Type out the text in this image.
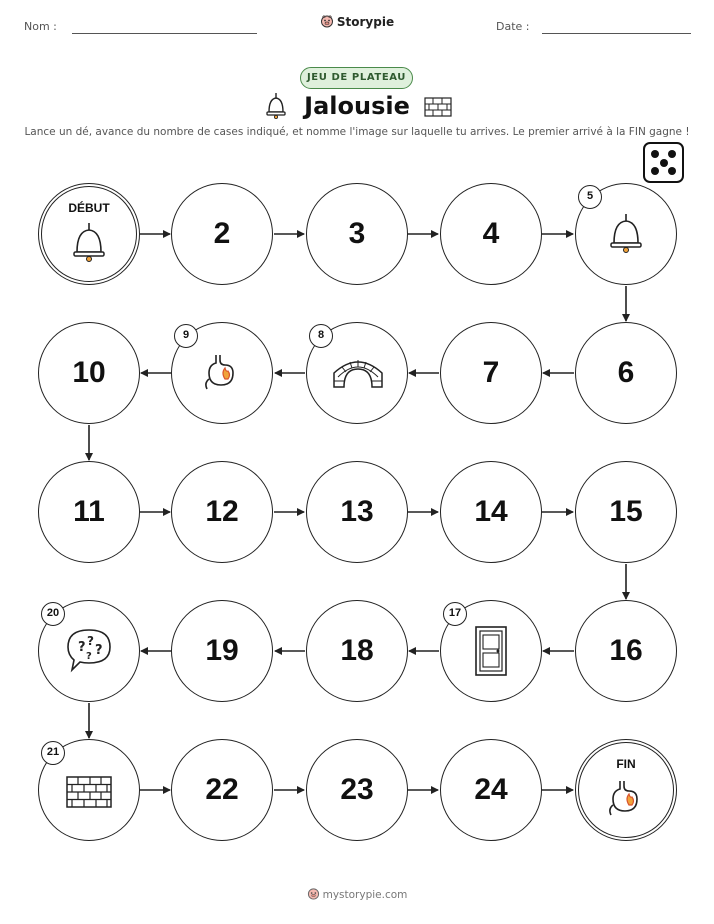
Nom :	Storypie	Date :
JEU DE PLATEAU
Jalousie
Lance un dé, avance du nombre de cases indiqué, et nomme l'image sur laquelle tu arrives. Le premier arrivé à la FIN gagne !
DÉBUT
2	3	4
5
6
7
8
9
10
11	12	13	14	15
16
17
18
19
? ?
?
?
20
21
22	23	24
FIN
mystorypie.com
